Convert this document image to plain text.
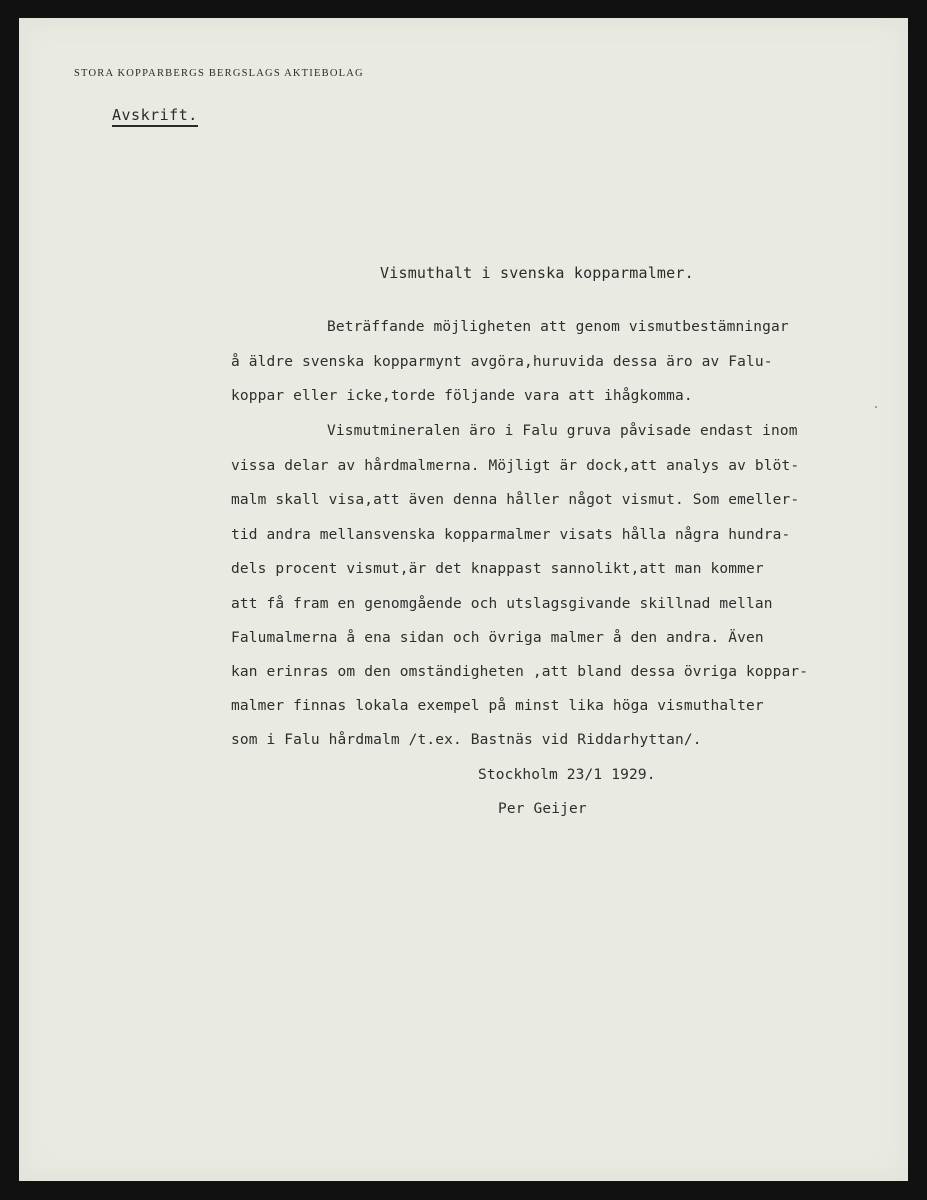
STORA KOPPARBERGS BERGSLAGS AKTIEBOLAG
Avskrift.
Vismuthalt i svenska kopparmalmer.
Beträffande möjligheten att genom vismutbestämningar
å äldre svenska kopparmynt avgöra,huruvida dessa äro av Falu-
koppar eller icke,torde följande vara att ihågkomma.
Vismutmineralen äro i Falu gruva påvisade endast inom
vissa delar av hårdmalmerna. Möjligt är dock,att analys av blöt-
malm skall visa,att även denna håller något vismut. Som emeller-
tid andra mellansvenska kopparmalmer visats hålla några hundra-
dels procent vismut,är det knappast sannolikt,att man kommer
att få fram en genomgående och utslagsgivande skillnad mellan
Falumalmerna å ena sidan och övriga malmer å den andra. Även
kan erinras om den omständigheten ,att bland dessa övriga koppar-
malmer finnas lokala exempel på minst lika höga vismuthalter
som i Falu hårdmalm /t.ex. Bastnäs vid Riddarhyttan/.
Stockholm 23/1 1929.
Per Geijer
